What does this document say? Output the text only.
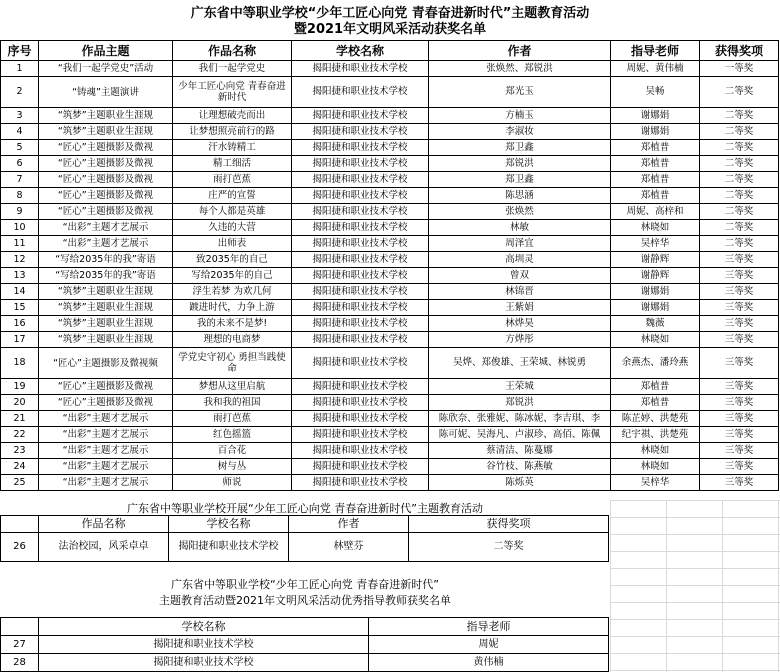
广东省中等职业学校“少年工匠心向党 青春奋进新时代”主题教育活动
暨2021年文明风采活动获奖名单
序号	作品主题	作品名称	学校名称	作者	指导老师	获得奖项
1	“我们一起学党史”活动	我们一起学党史	揭阳捷和职业技术学校	张焕然、郑锐洪	周妮、黄伟楠	一等奖
2	“铸魂”主题演讲	少年工匠心向党 青春奋进新时代	揭阳捷和职业技术学校	郑光玉	吴畅	二等奖
3	“筑梦”主题职业生涯规	让理想破壳而出	揭阳捷和职业技术学校	方楠玉	谢娜娟	二等奖
4	“筑梦”主题职业生涯规	让梦想照亮前行的路	揭阳捷和职业技术学校	李淑妆	谢娜娟	二等奖
5	“匠心”主题摄影及微视	汗水铸精工	揭阳捷和职业技术学校	郑卫鑫	郑植普	二等奖
6	“匠心”主题摄影及微视	精工细活	揭阳捷和职业技术学校	郑锐洪	郑植普	二等奖
7	“匠心”主题摄影及微视	雨打芭蕉	揭阳捷和职业技术学校	郑卫鑫	郑植普	二等奖
8	“匠心”主题摄影及微视	庄严的宣誓	揭阳捷和职业技术学校	陈思涵	郑植普	二等奖
9	“匠心”主题摄影及微视	每个人都是英雄	揭阳捷和职业技术学校	张焕然	周妮、高梓和	二等奖
10	“出彩”主题才艺展示	久违的大营	揭阳捷和职业技术学校	林敏	林晓如	二等奖
11	“出彩”主题才艺展示	出师表	揭阳捷和职业技术学校	周泽宜	吴梓华	二等奖
12	“写给2035年的我”寄语	致2035年的自己	揭阳捷和职业技术学校	高圳灵	谢静辉	三等奖
13	“写给2035年的我”寄语	写给2035年的自己	揭阳捷和职业技术学校	曾双	谢静辉	三等奖
14	“筑梦”主题职业生涯规	浮生若梦 为欢几何	揭阳捷和职业技术学校	林锦晋	谢娜娟	三等奖
15	“筑梦”主题职业生涯规	踱进时代，力争上游	揭阳捷和职业技术学校	王紫娟	谢娜娟	三等奖
16	“筑梦”主题职业生涯规	我的未来不是梦!	揭阳捷和职业技术学校	林烨昊	魏薇	三等奖
17	“筑梦”主题职业生涯规	理想的电商梦	揭阳捷和职业技术学校	方烨彤	林晓如	三等奖
18	“匠心”主题摄影及微视频	学党史守初心 勇担当践使命	揭阳捷和职业技术学校	吴烨、郑俊雄、王荣城、林锐勇	余燕杰、潘玲燕	三等奖
19	“匠心”主题摄影及微视	梦想从这里启航	揭阳捷和职业技术学校	王荣城	郑植普	三等奖
20	“匠心”主题摄影及微视	我和我的祖国	揭阳捷和职业技术学校	郑锐洪	郑植普	三等奖
21	“出彩”主题才艺展示	雨打芭蕉	揭阳捷和职业技术学校	陈欣奈、张雅妮、陈冰妮、李吉琪、李	陈芷婷、洪楚苑	三等奖
22	“出彩”主题才艺展示	红色摇篮	揭阳捷和职业技术学校	陈可妮、吴海凡、卢淑珍、高佰、陈佩	纪宇祺、洪楚苑	三等奖
23	“出彩”主题才艺展示	百合花	揭阳捷和职业技术学校	蔡清洁、陈蔓娜	林晓如	三等奖
24	“出彩”主题才艺展示	树与丛	揭阳捷和职业技术学校	谷竹枝、陈燕敏	林晓如	三等奖
25	“出彩”主题才艺展示	师说	揭阳捷和职业技术学校	陈烁英	吴梓华	三等奖
广东省中等职业学校开展“少年工匠心向党 青春奋进新时代”主题教育活动
	作品名称	学校名称	作者	获得奖项
26	法治校园，风采卓卓	揭阳捷和职业技术学校	林壁芬	二等奖
广东省中等职业学校“少年工匠心向党 青春奋进新时代”
主题教育活动暨2021年文明风采活动优秀指导教师获奖名单
	学校名称	指导老师
27	揭阳捷和职业技术学校	周妮
28	揭阳捷和职业技术学校	黄伟楠
